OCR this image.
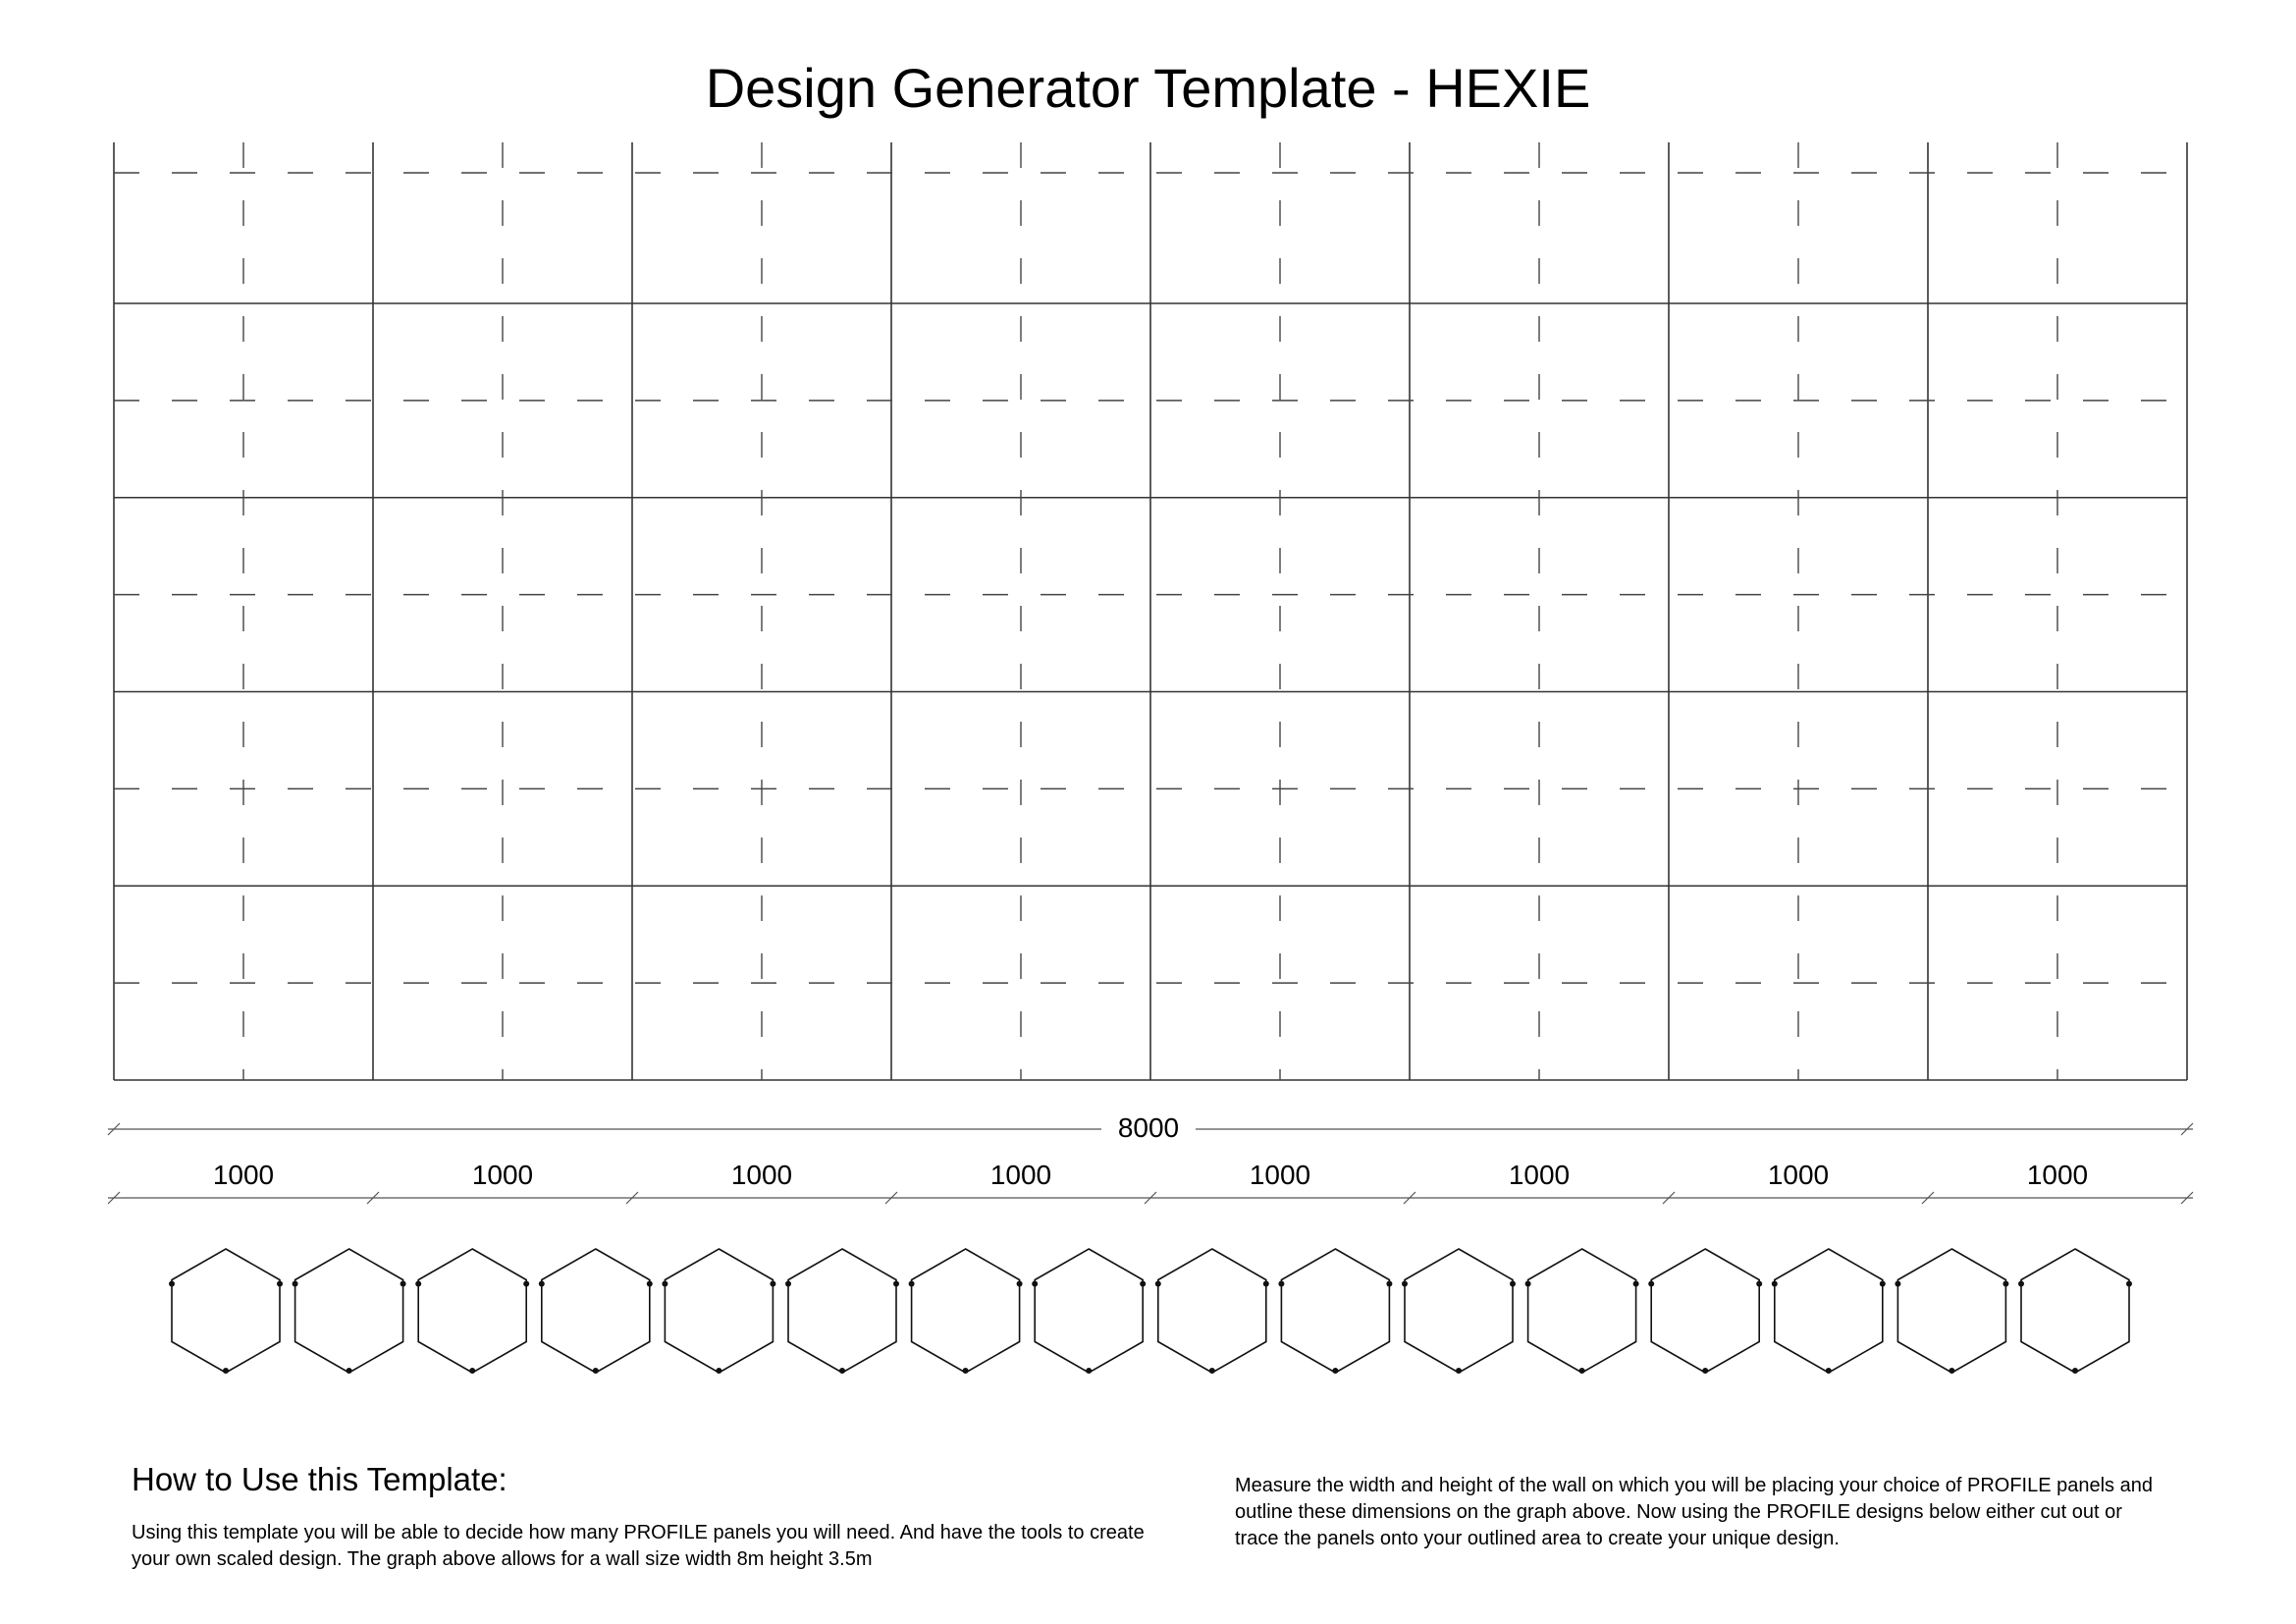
Design Generator Template - HEXIE
8000
1000	1000	1000	1000	1000	1000	1000	1000
How to Use this Template:
Using this template you will be able to decide how many PROFILE panels you will need. And have the tools to create your own scaled design. The graph above allows for a wall size width 8m height 3.5m
Measure the width and height of the wall on which you will be placing your choice of PROFILE panels and outline these dimensions on the graph above. Now using the PROFILE designs below either cut out or trace the panels onto your outlined area to create your unique design.
